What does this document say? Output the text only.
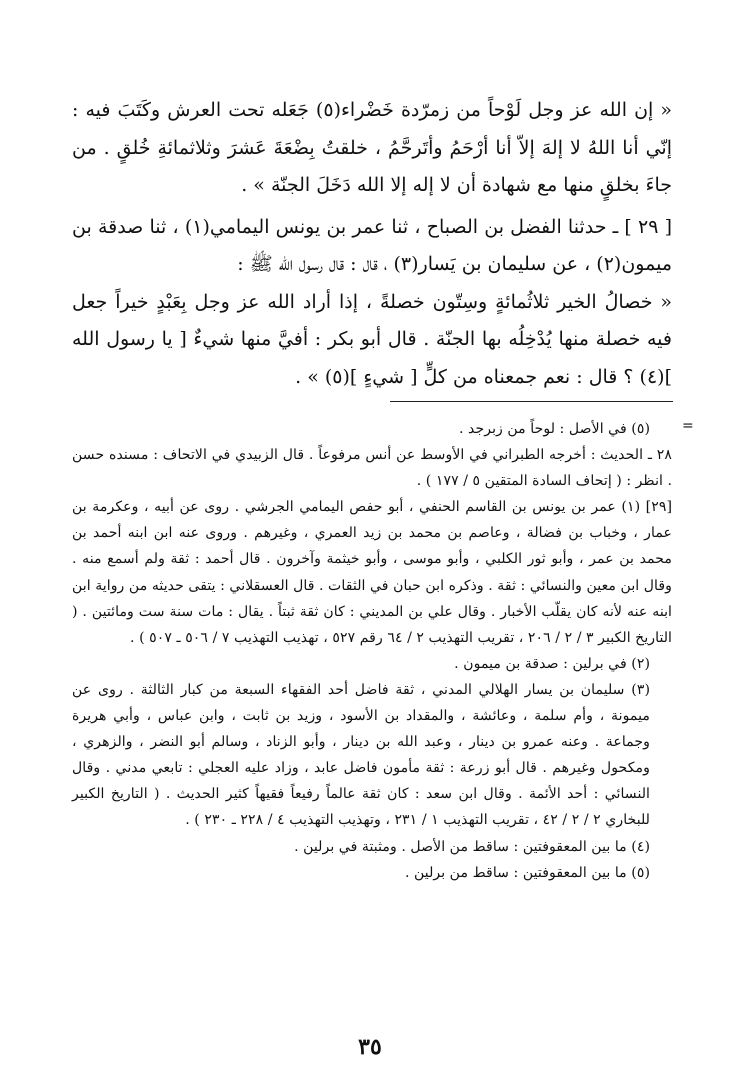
« إن الله عز وجل لَوْحاً من زمرّدة خَضْراء(٥) جَعَله تحت العرش وكَتَبَ فيه : إنّي أنا اللهُ لا إلهَ إلاّ أنا أرْحَمُ وأتَرحَّمُ ، خلقتُ بِضْعَةَ عَشرَ وثلاثمائةِ خُلقٍ . من جاءَ بخلقٍ منها مع شهادة أن لا إله إلا الله دَخَلَ الجنّة » .

[ ٢٩ ] ـ حدثنا الفضل بن الصباح ، ثنا عمر بن يونس اليمامي(١) ، ثنا صدقة بن ميمون(٢) ، عن سليمان بن يَسار(٣) ، قال : قال رسول الله ﷺ :

« خصالُ الخير ثلاثُمائةٍ وسِتّون خصلةً ، إذا أراد الله عز وجل بِعَبْدٍ خيراً جعل فيه خصلة منها يُدْخِلُه بها الجنّة . قال أبو بكر : أفيَّ منها شيءٌ [ يا رسول الله ](٤) ؟ قال : نعم جمعناه من كلٍّ [ شيءٍ ](٥) » .

=

(٥) في الأصل : لوحاً من زبرجد .

٢٨ ـ الحديث : أخرجه الطبراني في الأوسط عن أنس مرفوعاً . قال الزبيدي في الاتحاف : مسنده حسن . انظر : ( إتحاف السادة المتقين ٥ / ١٧٧ ) .

[٢٩] (١) عمر بن يونس بن القاسم الحنفي ، أبو حفص اليمامي الجرشي . روى عن أبيه ، وعكرمة بن عمار ، وخباب بن فضالة ، وعاصم بن محمد بن زيد العمري ، وغيرهم . وروى عنه ابن ابنه أحمد بن محمد بن عمر ، وأبو ثور الكلبي ، وأبو موسى ، وأبو خيثمة وآخرون . قال أحمد : ثقة ولم أسمع منه . وقال ابن معين والنسائي : ثقة . وذكره ابن حبان في الثقات . قال العسقلاني : يتقى حديثه من رواية ابن ابنه عنه لأنه كان يقلّب الأخبار . وقال علي بن المديني : كان ثقة ثبتاً . يقال : مات سنة ست ومائتين . ( التاريخ الكبير ٣ / ٢ / ٢٠٦ ، تقريب التهذيب ٢ / ٦٤ رقم ٥٢٧ ، تهذيب التهذيب ٧ / ٥٠٦ ـ ٥٠٧ ) .

(٢) في برلين : صدقة بن ميمون .

(٣) سليمان بن يسار الهلالي المدني ، ثقة فاضل أحد الفقهاء السبعة من كبار الثالثة . روى عن ميمونة ، وأم سلمة ، وعائشة ، والمقداد بن الأسود ، وزيد بن ثابت ، وابن عباس ، وأبي هريرة وجماعة . وعنه عمرو بن دينار ، وعبد الله بن دينار ، وأبو الزناد ، وسالم أبو النضر ، والزهري ، ومكحول وغيرهم . قال أبو زرعة : ثقة مأمون فاضل عابد ، وزاد عليه العجلي : تابعي مدني . وقال النسائي : أحد الأئمة . وقال ابن سعد : كان ثقة عالماً رفيعاً فقيهاً كثير الحديث . ( التاريخ الكبير للبخاري ٢ / ٢ / ٤٢ ، تقريب التهذيب ١ / ٢٣١ ، وتهذيب التهذيب ٤ / ٢٢٨ ـ ٢٣٠ ) .

(٤) ما بين المعقوفتين : ساقط من الأصل . ومثبتة في برلين .

(٥) ما بين المعقوفتين : ساقط من برلين .

٣٥
